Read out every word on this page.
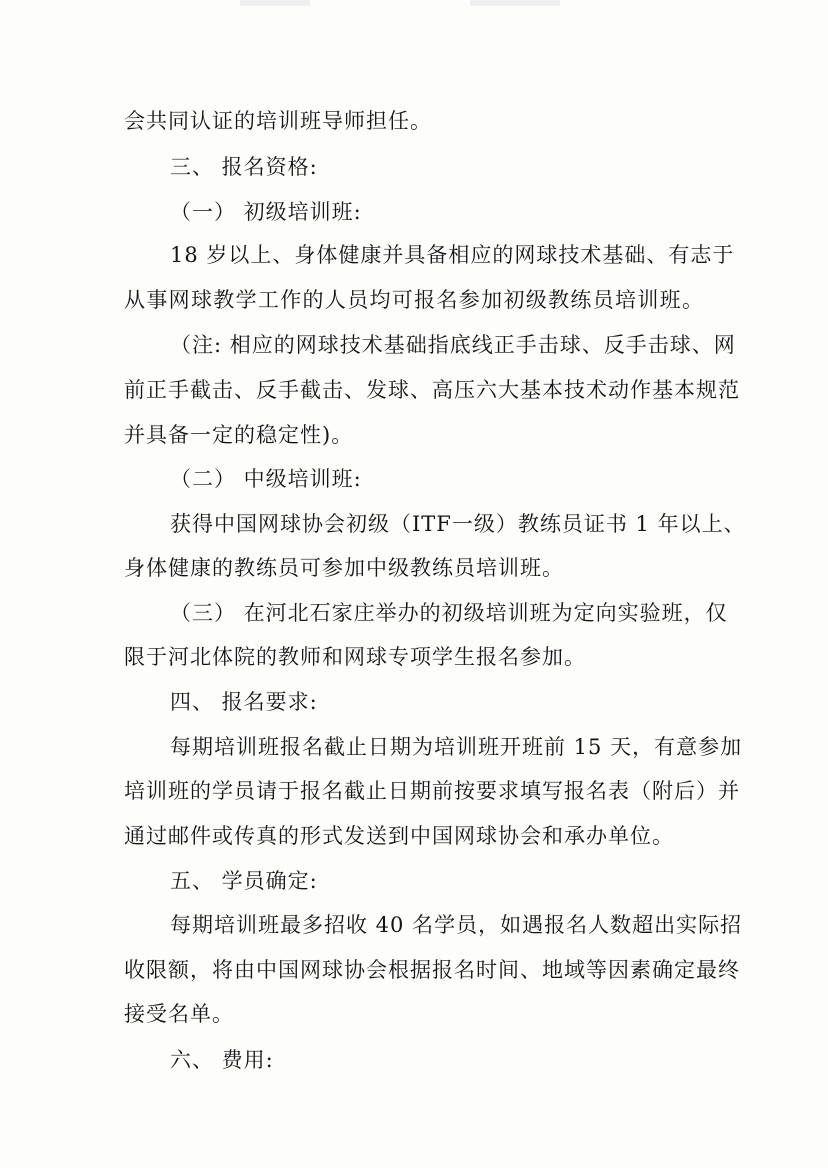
会共同认证的培训班导师担任。
三、 报名资格:
（一） 初级培训班:
18 岁以上、身体健康并具备相应的网球技术基础、有志于
从事网球教学工作的人员均可报名参加初级教练员培训班。
（注: 相应的网球技术基础指底线正手击球、反手击球、网
前正手截击、反手截击、发球、高压六大基本技术动作基本规范
并具备一定的稳定性)。
（二） 中级培训班:
获得中国网球协会初级（ITF一级）教练员证书 1 年以上、
身体健康的教练员可参加中级教练员培训班。
（三） 在河北石家庄举办的初级培训班为定向实验班，仅
限于河北体院的教师和网球专项学生报名参加。
四、 报名要求:
每期培训班报名截止日期为培训班开班前 15 天，有意参加
培训班的学员请于报名截止日期前按要求填写报名表（附后）并
通过邮件或传真的形式发送到中国网球协会和承办单位。
五、 学员确定:
每期培训班最多招收 40 名学员，如遇报名人数超出实际招
收限额，将由中国网球协会根据报名时间、地域等因素确定最终
接受名单。
六、 费用:
